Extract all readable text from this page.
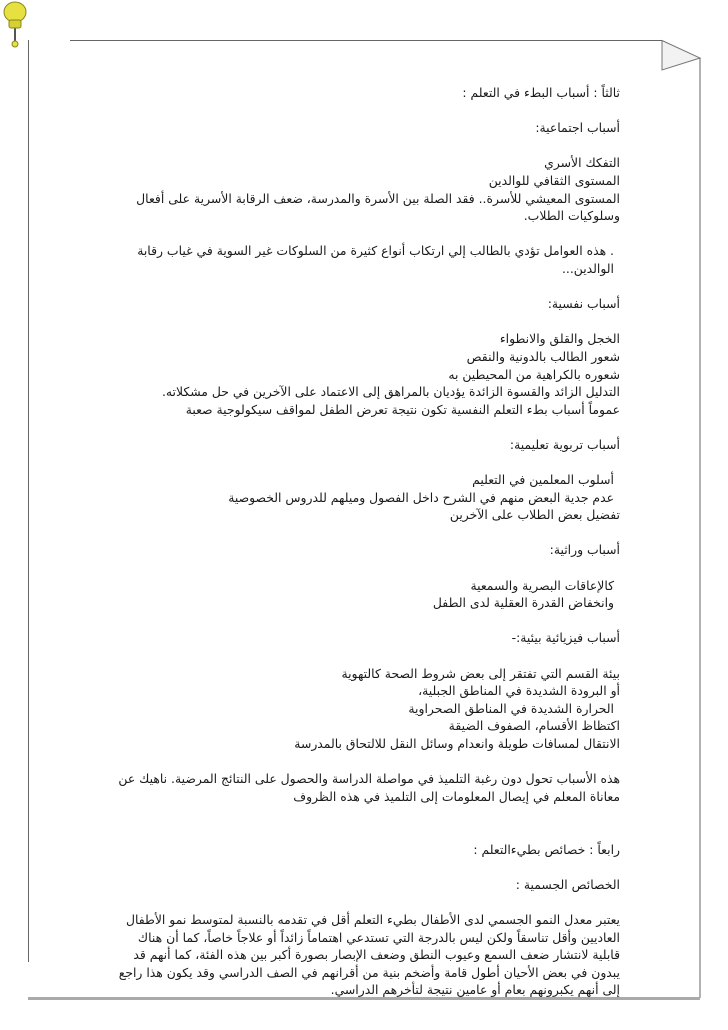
ثالثاً : أسباب البطء في التعلم :

أسباب اجتماعية:

التفكك الأسري

المستوى الثقافي للوالدين

المستوى المعيشي للأسرة.. فقد الصلة بين الأسرة والمدرسة، ضعف الرقابة الأسرية على أفعال وسلوكيات الطلاب.

. هذه العوامل تؤدي بالطالب إلي ارتكاب أنواع كثيرة من السلوكات غير السوية في غياب رقابة الوالدين...

أسباب نفسية:

الخجل والقلق والانطواء

شعور الطالب بالدونية والنقص

شعوره بالكراهية من المحيطين به

التدليل الزائد والقسوة الزائدة يؤديان بالمراهق إلى الاعتماد على الآخرين في حل مشكلاته.

عموماً أسباب بطء التعلم النفسية تكون نتيجة تعرض الطفل لمواقف سيكولوجية صعبة

أسباب تربوية تعليمية:

أسلوب المعلمين في التعليم

عدم جدية البعض منهم في الشرح داخل الفصول وميلهم للدروس الخصوصية

تفضيل بعض الطلاب على الآخرين

أسباب وراثية:

كالإعاقات البصرية والسمعية

وانخفاض القدرة العقلية لدى الطفل

أسباب فيزيائية بيئية:-

بيئة القسم التي تفتقر إلى بعض شروط الصحة كالتهوية

أو البرودة الشديدة في المناطق الجبلية،

الحرارة الشديدة في المناطق الصحراوية

اكتظاظ الأقسام، الصفوف الضيقة

الانتقال لمسافات طويلة وانعدام وسائل النقل للالتحاق بالمدرسة

هذه الأسباب تحول دون رغبة التلميذ في مواصلة الدراسة والحصول على النتائج المرضية. ناهيك عن معاناة المعلم في إيصال المعلومات إلى التلميذ في هذه الظروف

رابعاً : خصائص بطيءالتعلم :

الخصائص الجسمية :

يعتبر معدل النمو الجسمي لدى الأطفال بطيء التعلم أقل في تقدمه بالنسبة لمتوسط نمو الأطفال العاديين وأقل تناسقاً ولكن ليس بالدرجة التي تستدعي اهتماماً زائداً أو علاجاً خاصاً، كما أن هناك قابلية لانتشار ضعف السمع وعيوب النطق وضعف الإبصار بصورة أكبر بين هذه الفئة، كما أنهم قد يبدون في بعض الأحيان أطول قامة وأضخم بنية من أقرانهم في الصف الدراسي وقد يكون هذا راجع إلى أنهم يكبرونهم بعام أو عامين نتيجة لتأخرهم الدراسي.
